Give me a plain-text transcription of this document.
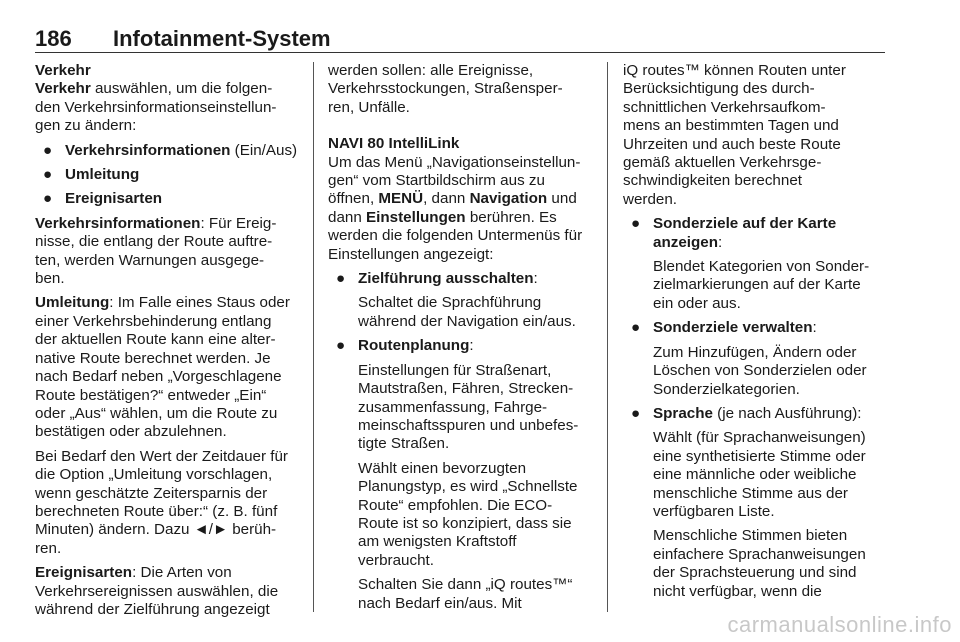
186 Infotainment-System

Verkehr
Verkehr auswählen, um die folgen-
den Verkehrsinformationseinstellun-
gen zu ändern:

● Verkehrsinformationen (Ein/Aus)
● Umleitung
● Ereignisarten

Verkehrsinformationen: Für Ereig-
nisse, die entlang der Route auftre-
ten, werden Warnungen ausgege-
ben.

Umleitung: Im Falle eines Staus oder
einer Verkehrsbehinderung entlang
der aktuellen Route kann eine alter-
native Route berechnet werden. Je
nach Bedarf neben „Vorgeschlagene
Route bestätigen?“ entweder „Ein“
oder „Aus“ wählen, um die Route zu
bestätigen oder abzulehnen.

Bei Bedarf den Wert der Zeitdauer für
die Option „Umleitung vorschlagen,
wenn geschätzte Zeitersparnis der
berechneten Route über:“ (z. B. fünf
Minuten) ändern. Dazu ◄/► berüh-
ren.

Ereignisarten: Die Arten von
Verkehrsereignissen auswählen, die
während der Zielführung angezeigt

werden sollen: alle Ereignisse,
Verkehrsstockungen, Straßensper-
ren, Unfälle.

NAVI 80 IntelliLink
Um das Menü „Navigationseinstellun-
gen“ vom Startbildschirm aus zu
öffnen, MENÜ, dann Navigation und
dann Einstellungen berühren. Es
werden die folgenden Untermenüs für
Einstellungen angezeigt:

● Zielführung ausschalten:

Schaltet die Sprachführung
während der Navigation ein/aus.

● Routenplanung:

Einstellungen für Straßenart,
Mautstraßen, Fähren, Strecken-
zusammenfassung, Fahrge-
meinschaftsspuren und unbefes-
tigte Straßen.

Wählt einen bevorzugten
Planungstyp, es wird „Schnellste
Route“ empfohlen. Die ECO-
Route ist so konzipiert, dass sie
am wenigsten Kraftstoff
verbraucht.

Schalten Sie dann „iQ routes™“
nach Bedarf ein/aus. Mit

iQ routes™ können Routen unter
Berücksichtigung des durch-
schnittlichen Verkehrsaufkom-
mens an bestimmten Tagen und
Uhrzeiten und auch beste Route
gemäß aktuellen Verkehrsge-
schwindigkeiten berechnet
werden.

● Sonderziele auf der Karte
anzeigen:

Blendet Kategorien von Sonder-
zielmarkierungen auf der Karte
ein oder aus.

● Sonderziele verwalten:

Zum Hinzufügen, Ändern oder
Löschen von Sonderzielen oder
Sonderzielkategorien.

● Sprache (je nach Ausführung):

Wählt (für Sprachanweisungen)
eine synthetisierte Stimme oder
eine männliche oder weibliche
menschliche Stimme aus der
verfügbaren Liste.

Menschliche Stimmen bieten
einfachere Sprachanweisungen
der Sprachsteuerung und sind
nicht verfügbar, wenn die

carmanualsonline.info
